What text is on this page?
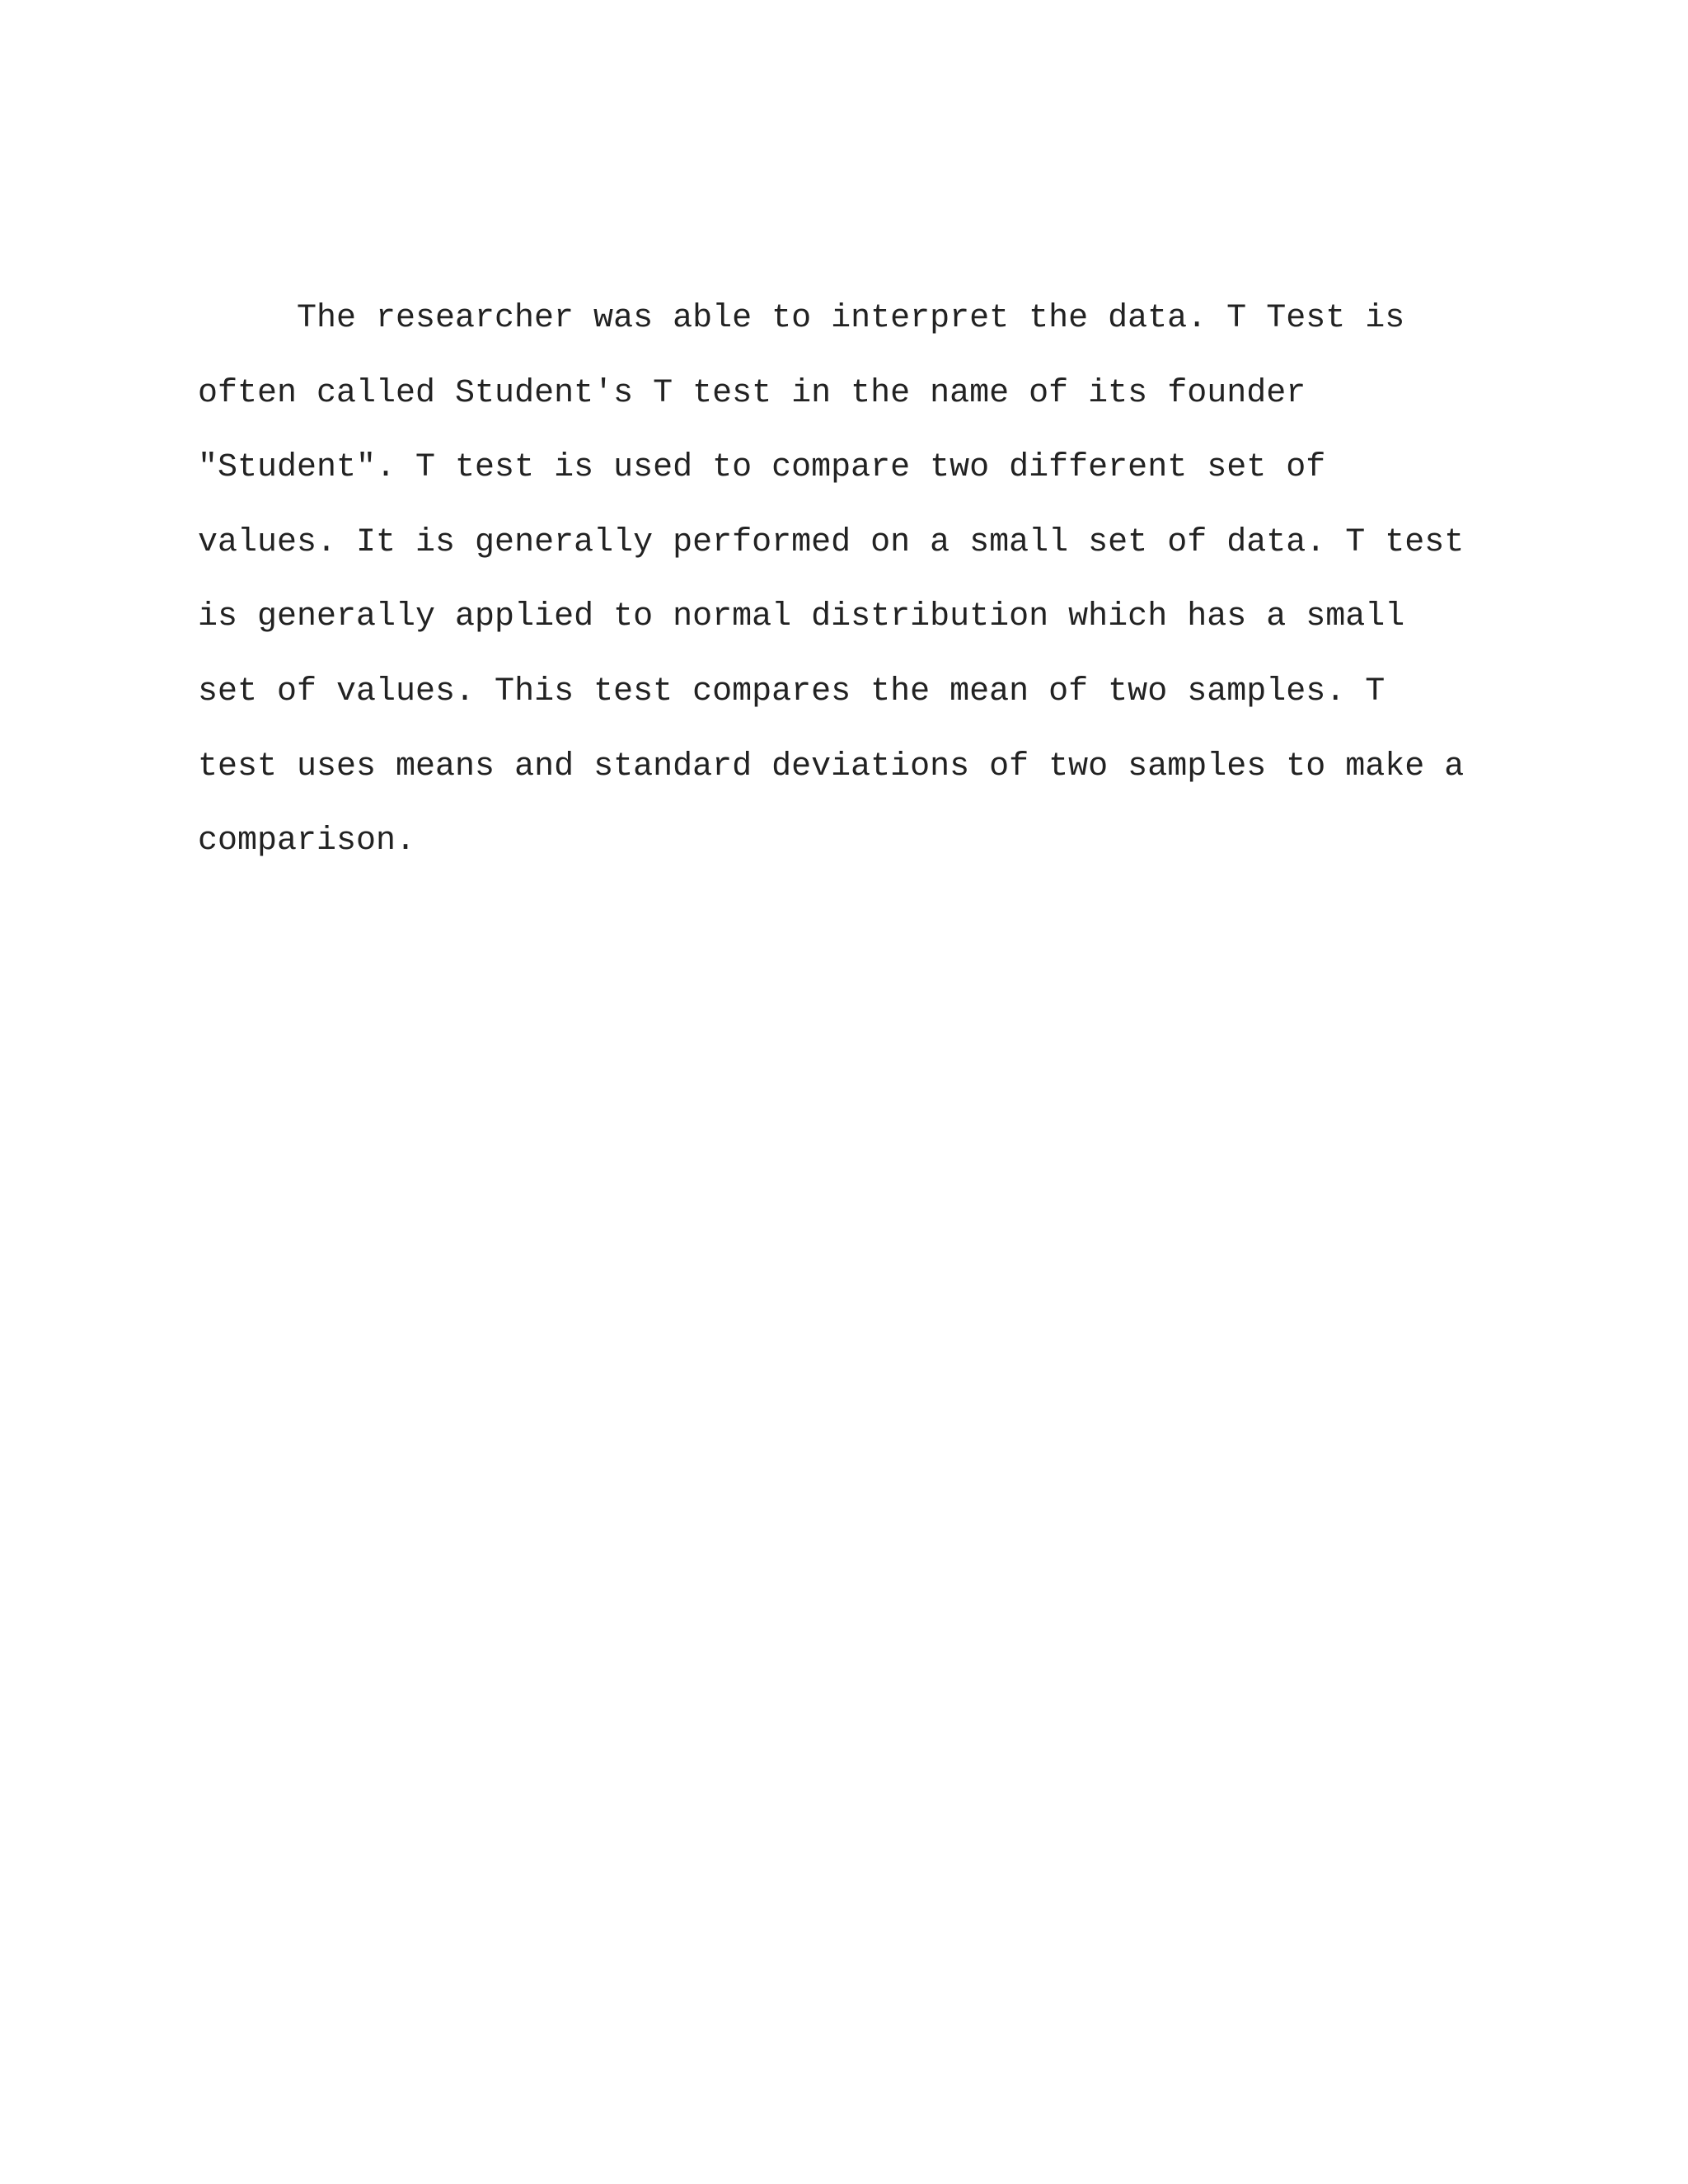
The researcher was able to interpret the data. T Test is
often called Student's T test in the name of its founder
"Student". T test is used to compare two different set of
values. It is generally performed on a small set of data. T test
is generally applied to normal distribution which has a small
set of values. This test compares the mean of two samples. T
test uses means and standard deviations of two samples to make a
comparison.
